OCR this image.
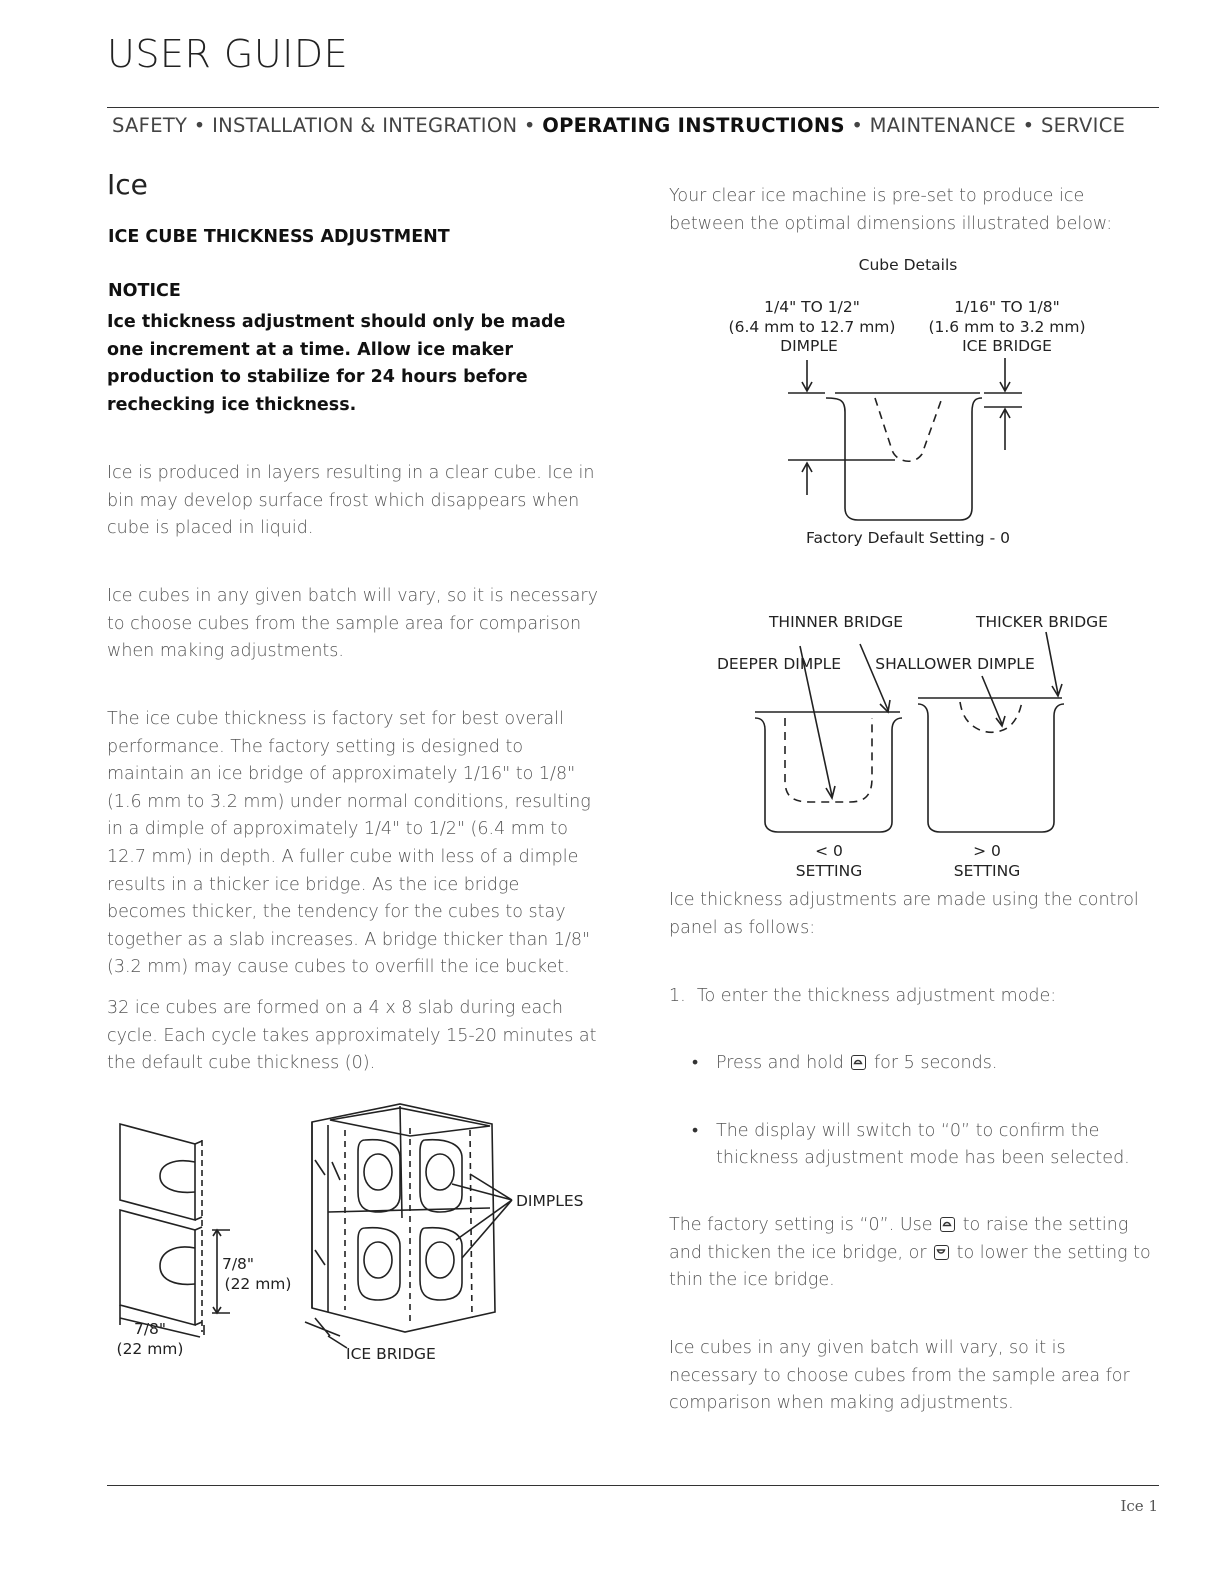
USER GUIDE
SAFETY • INSTALLATION & INTEGRATION • OPERATING INSTRUCTIONS • MAINTENANCE • SERVICE
Ice
ICE CUBE THICKNESS ADJUSTMENT
NOTICE
Ice thickness adjustment should only be made one increment at a time. Allow ice maker production to stabilize for 24 hours before rechecking ice thickness.
Ice is produced in layers resulting in a clear cube. Ice in bin may develop surface frost which disappears when cube is placed in liquid.
Ice cubes in any given batch will vary, so it is necessary to choose cubes from the sample area for comparison when making adjustments.
The ice cube thickness is factory set for best overall performance. The factory setting is designed to maintain an ice bridge of approximately 1/16" to 1/8" (1.6 mm to 3.2 mm) under normal conditions, resulting in a dimple of approximately 1/4" to 1/2" (6.4 mm to 12.7 mm) in depth. A fuller cube with less of a dimple results in a thicker ice bridge. As the ice bridge becomes thicker, the tendency for the cubes to stay together as a slab increases. A bridge thicker than 1/8" (3.2 mm) may cause cubes to overfill the ice bucket.
32 ice cubes are formed on a 4 x 8 slab during each cycle. Each cycle takes approximately 15-20 minutes at the default cube thickness (0).
7/8"
(22 mm)
7/8"
(22 mm)
DIMPLES
ICE BRIDGE
Your clear ice machine is pre-set to produce ice between the optimal dimensions illustrated below:
Cube Details
1/4" TO 1/2"
(6.4 mm to 12.7 mm)
DIMPLE
1/16" TO 1/8"
(1.6 mm to 3.2 mm)
ICE BRIDGE
Factory Default Setting - 0
THINNER BRIDGE	THICKER BRIDGE
DEEPER DIMPLE SHALLOWER DIMPLE
< 0
SETTING
> 0
SETTING
Ice thickness adjustments are made using the control panel as follows:
1.  To enter the thickness adjustment mode:
• Press and hold
for 5 seconds.
• The display will switch to “0” to confirm the thickness adjustment mode has been selected.
The factory setting is “0”. Use
to raise the setting and thicken the ice bridge, or
to lower the setting to thin the ice bridge.
Ice cubes in any given batch will vary, so it is necessary to choose cubes from the sample area for comparison when making adjustments.
Ice 1
